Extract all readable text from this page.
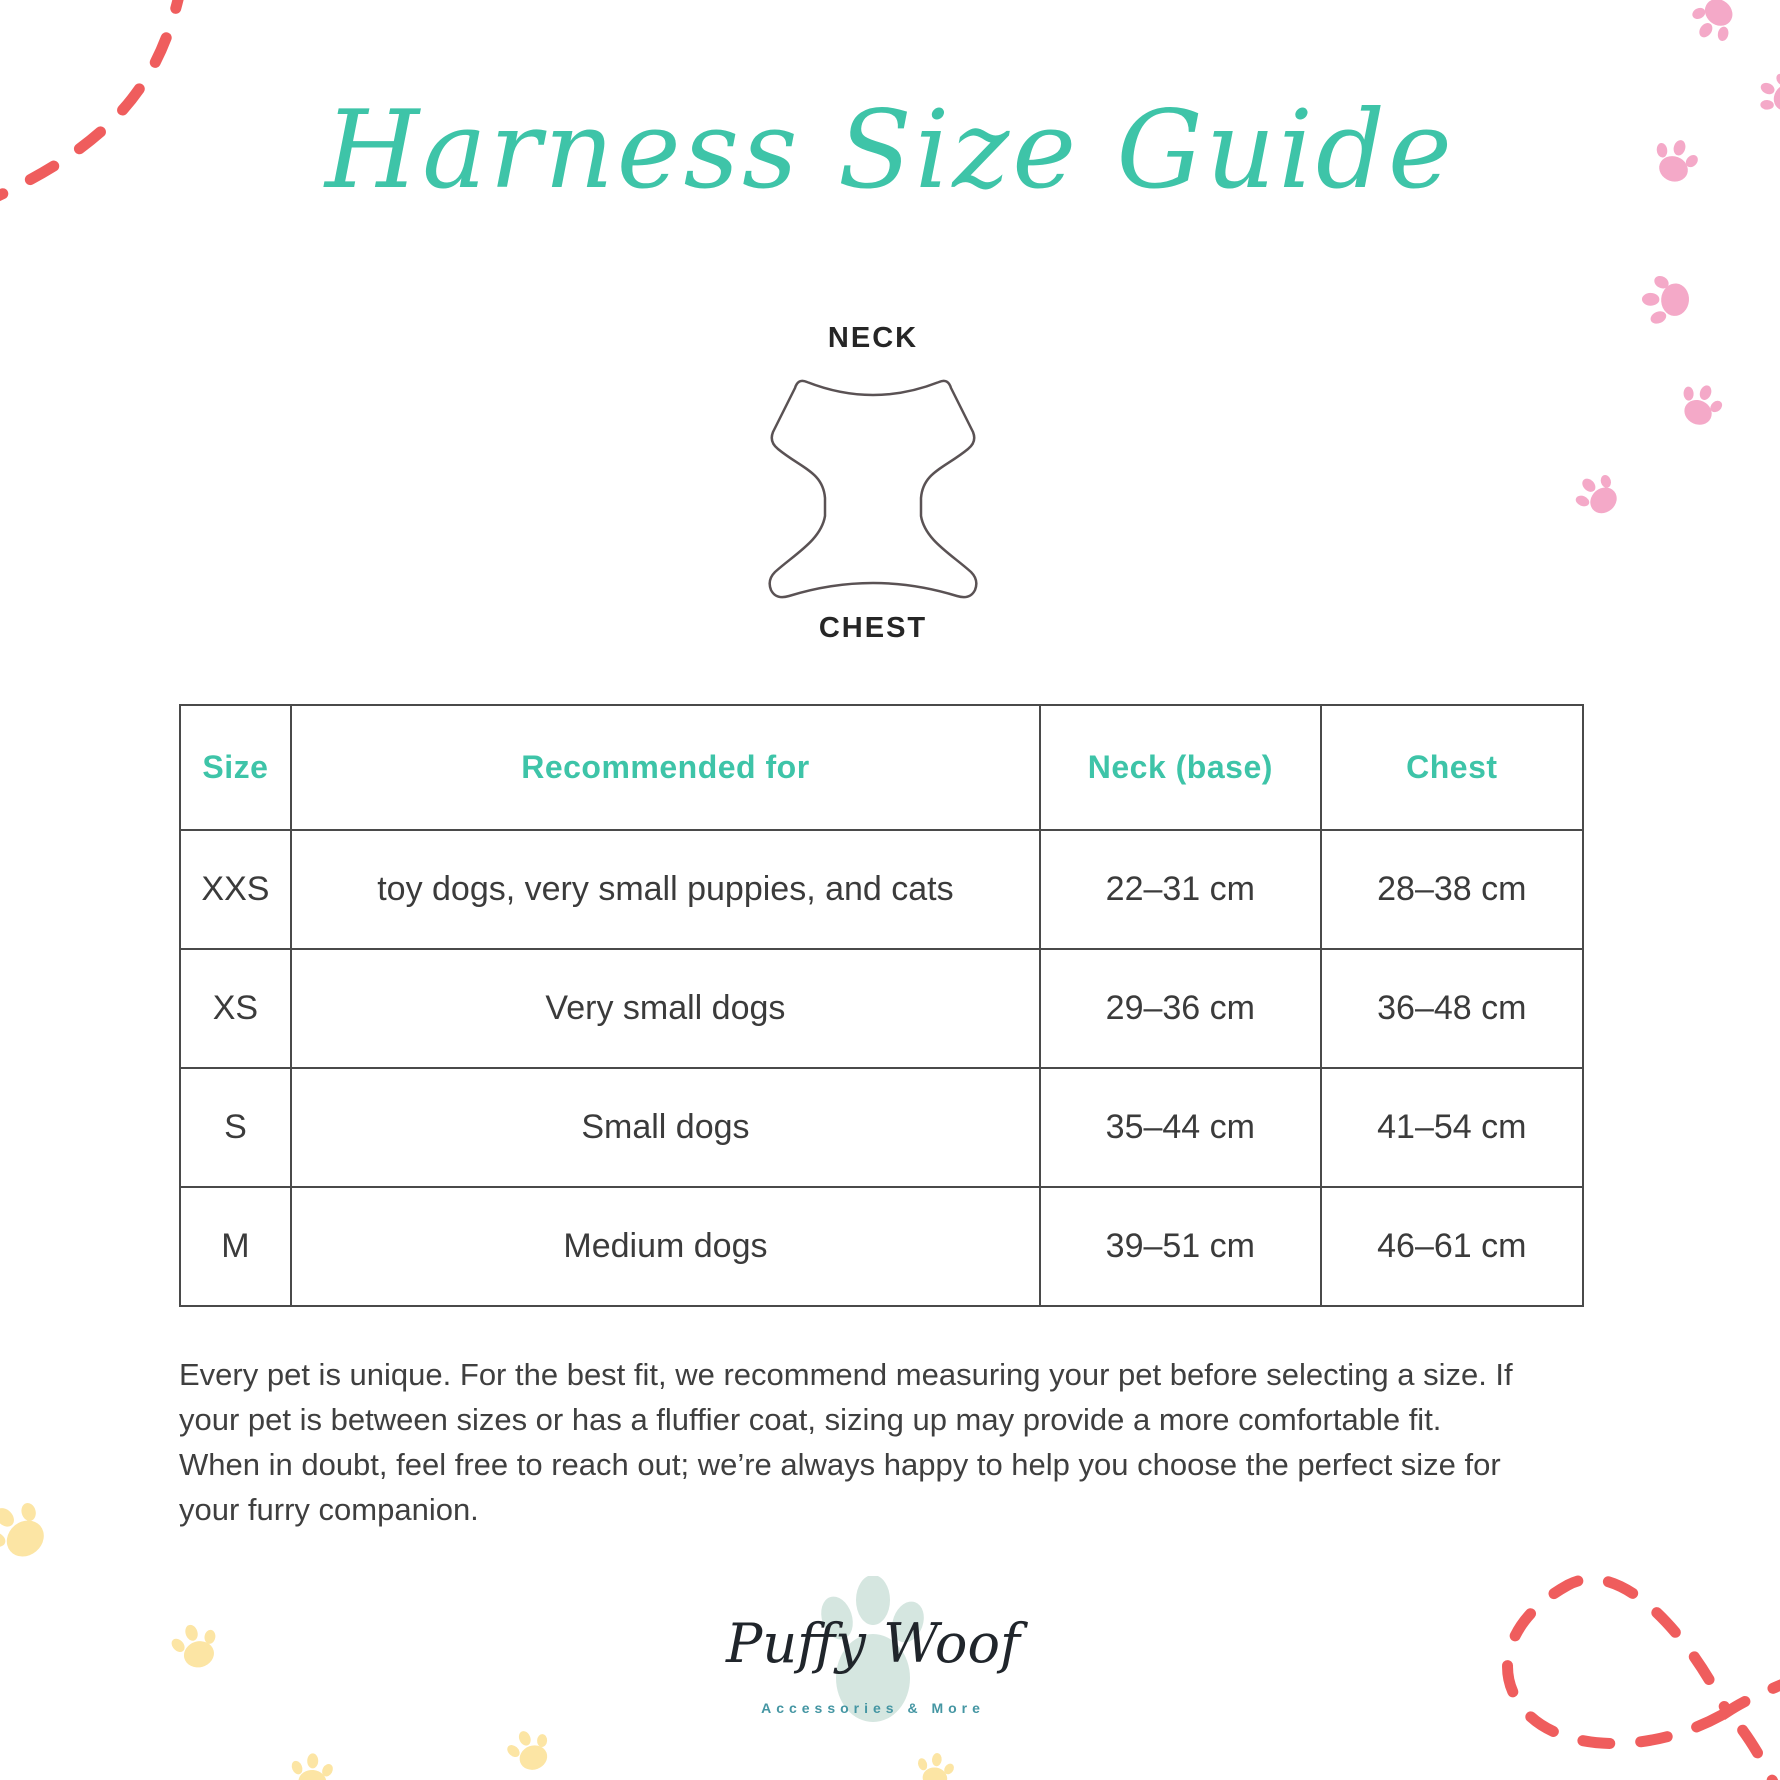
Harness Size Guide
NECK
CHEST
Size	Recommended for	Neck (base)	Chest
XXS	toy dogs, very small puppies, and cats	22–31 cm	28–38 cm
XS	Very small dogs	29–36 cm	36–48 cm
S	Small dogs	35–44 cm	41–54 cm
M	Medium dogs	39–51 cm	46–61 cm
Every pet is unique. For the best fit, we recommend measuring your pet before selecting a size. If
your pet is between sizes or has a fluffier coat, sizing up may provide a more comfortable fit.
When in doubt, feel free to reach out; we’re always happy to help you choose the perfect size for
your furry companion.
Puffy Woof
Accessories & More
